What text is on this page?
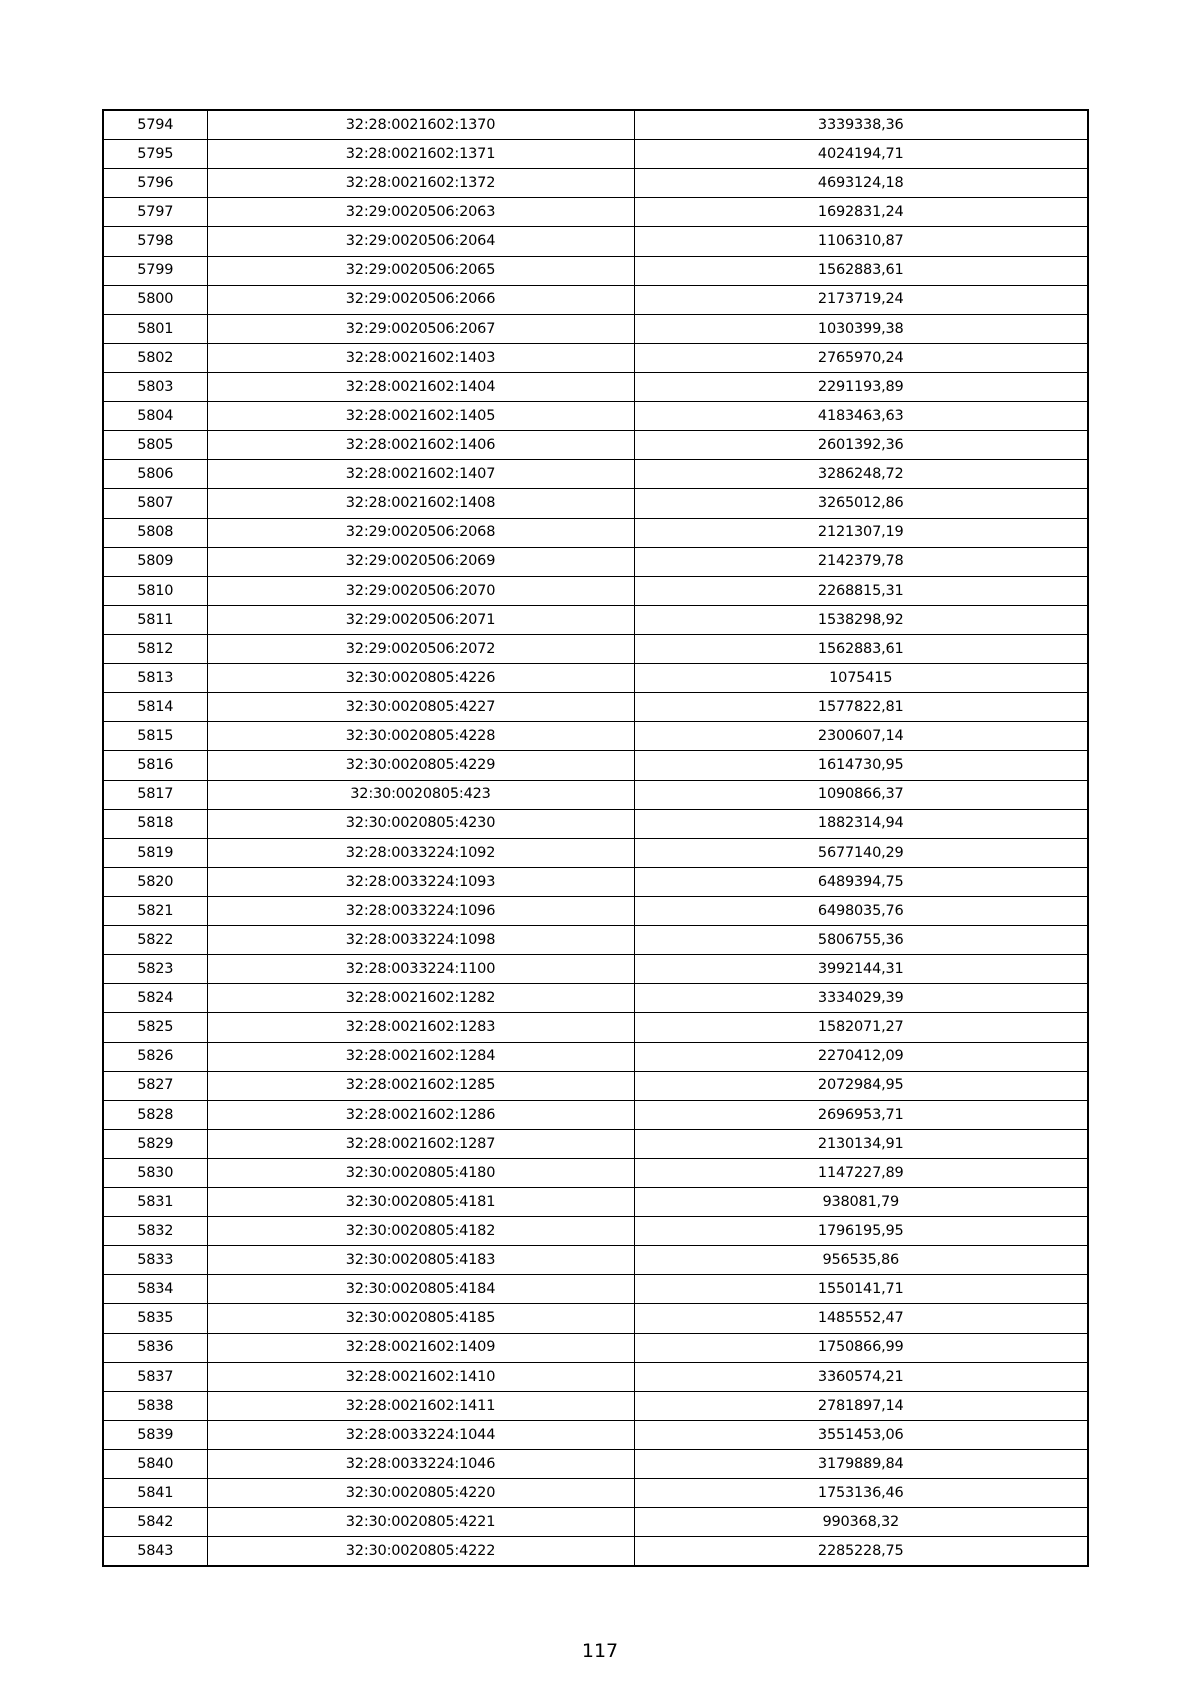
5794	32:28:0021602:1370	3339338,36
5795	32:28:0021602:1371	4024194,71
5796	32:28:0021602:1372	4693124,18
5797	32:29:0020506:2063	1692831,24
5798	32:29:0020506:2064	1106310,87
5799	32:29:0020506:2065	1562883,61
5800	32:29:0020506:2066	2173719,24
5801	32:29:0020506:2067	1030399,38
5802	32:28:0021602:1403	2765970,24
5803	32:28:0021602:1404	2291193,89
5804	32:28:0021602:1405	4183463,63
5805	32:28:0021602:1406	2601392,36
5806	32:28:0021602:1407	3286248,72
5807	32:28:0021602:1408	3265012,86
5808	32:29:0020506:2068	2121307,19
5809	32:29:0020506:2069	2142379,78
5810	32:29:0020506:2070	2268815,31
5811	32:29:0020506:2071	1538298,92
5812	32:29:0020506:2072	1562883,61
5813	32:30:0020805:4226	1075415
5814	32:30:0020805:4227	1577822,81
5815	32:30:0020805:4228	2300607,14
5816	32:30:0020805:4229	1614730,95
5817	32:30:0020805:423	1090866,37
5818	32:30:0020805:4230	1882314,94
5819	32:28:0033224:1092	5677140,29
5820	32:28:0033224:1093	6489394,75
5821	32:28:0033224:1096	6498035,76
5822	32:28:0033224:1098	5806755,36
5823	32:28:0033224:1100	3992144,31
5824	32:28:0021602:1282	3334029,39
5825	32:28:0021602:1283	1582071,27
5826	32:28:0021602:1284	2270412,09
5827	32:28:0021602:1285	2072984,95
5828	32:28:0021602:1286	2696953,71
5829	32:28:0021602:1287	2130134,91
5830	32:30:0020805:4180	1147227,89
5831	32:30:0020805:4181	938081,79
5832	32:30:0020805:4182	1796195,95
5833	32:30:0020805:4183	956535,86
5834	32:30:0020805:4184	1550141,71
5835	32:30:0020805:4185	1485552,47
5836	32:28:0021602:1409	1750866,99
5837	32:28:0021602:1410	3360574,21
5838	32:28:0021602:1411	2781897,14
5839	32:28:0033224:1044	3551453,06
5840	32:28:0033224:1046	3179889,84
5841	32:30:0020805:4220	1753136,46
5842	32:30:0020805:4221	990368,32
5843	32:30:0020805:4222	2285228,75
117
